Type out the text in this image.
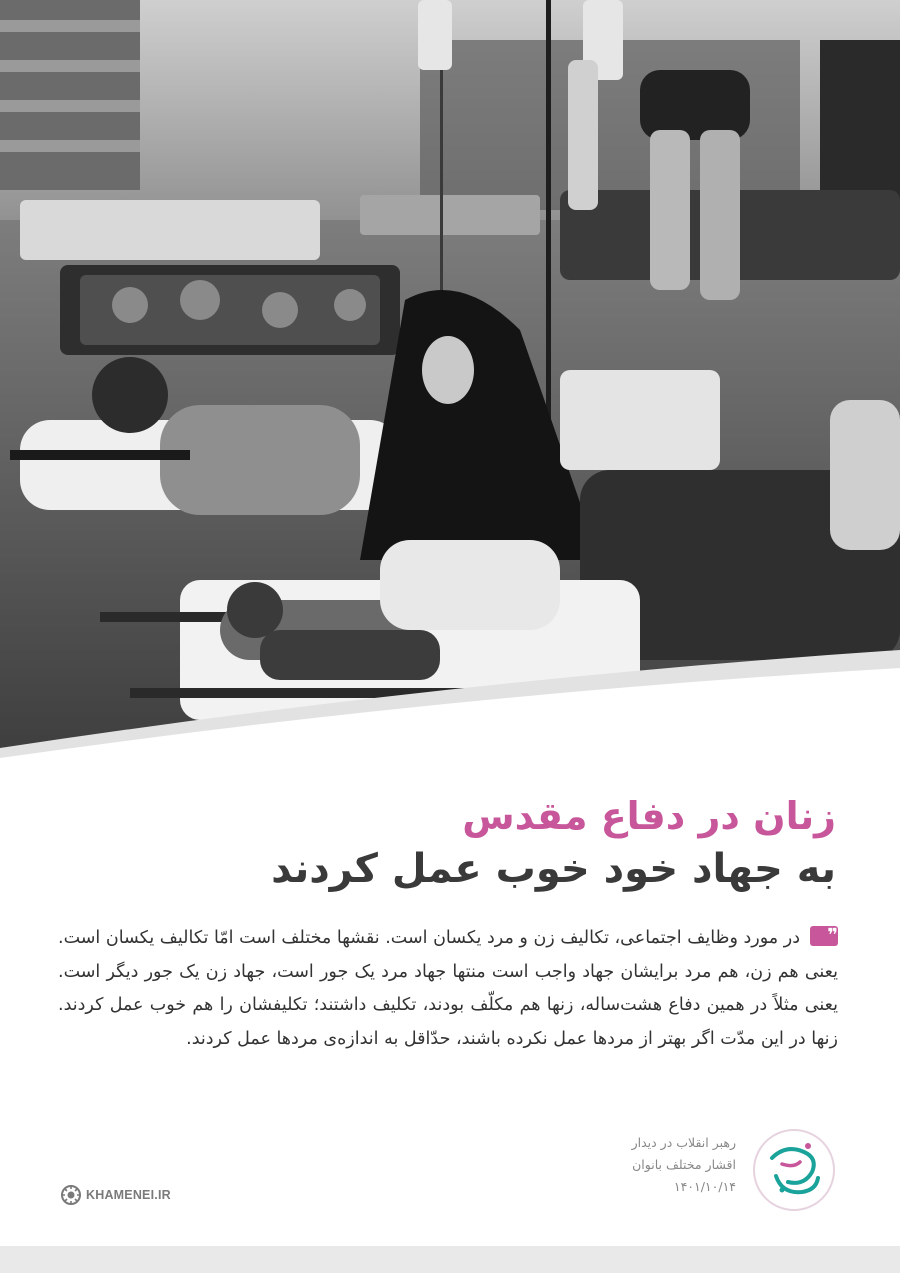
زنان در دفاع مقدس
به جهاد خود خوب عمل کردند
❞در مورد وظایف اجتماعی، تکالیف زن و مرد یکسان است. نقشها مختلف است امّا تکالیف یکسان است. یعنی هم زن، هم مرد برایشان جهاد واجب است منتها جهاد مرد یک جور است، جهاد زن یک جور دیگر است. یعنی مثلاً در همین دفاع هشت‌ساله، زنها هم مکلّف بودند، تکلیف داشتند؛ تکلیفشان را هم خوب عمل کردند. زنها در این مدّت اگر بهتر از مردها عمل نکرده باشند، حدّاقل به اندازه‌ی مردها عمل کردند.
رهبر انقلاب در دیدار
اقشار مختلف بانوان
۱۴۰۱/۱۰/۱۴
KHAMENEI.IR
